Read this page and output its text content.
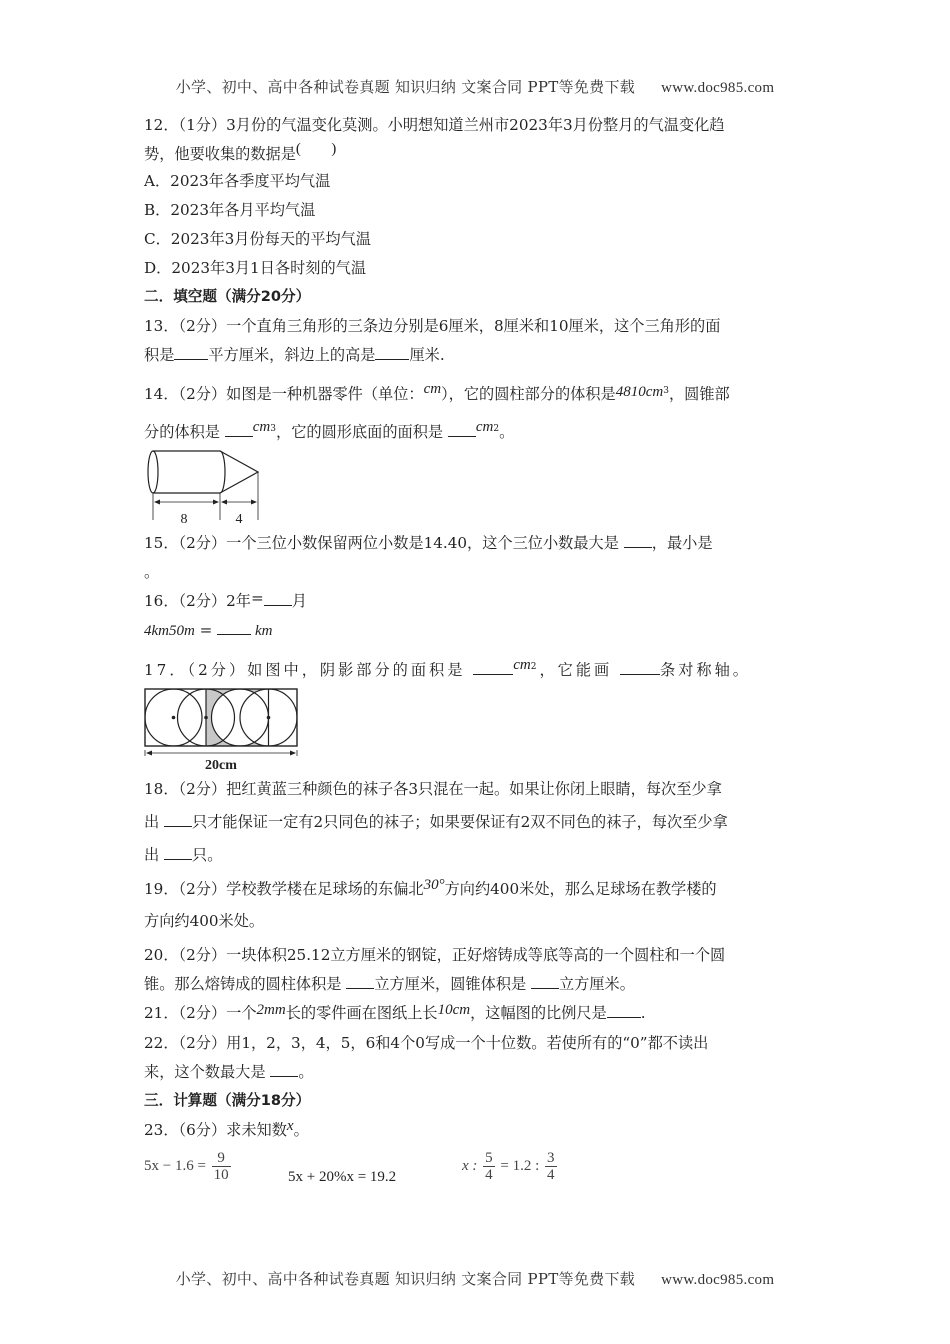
小学、初中、高中各种试卷真题 知识归纳 文案合同 PPT等免费下载 www.doc985.com

12．（1分）3月份的气温变化莫测。小明想知道兰州市2023年3月份整月的气温变化趋

势，他要收集的数据是(        )

A．2023年各季度平均气温

B．2023年各月平均气温

C．2023年3月份每天的平均气温

D．2023年3月1日各时刻的气温

二．填空题（满分20分）

13．（2分）一个直角三角形的三条边分别是6厘米，8厘米和10厘米，这个三角形的面

积是 平方厘米，斜边上的高是 厘米.

14．（2分）如图是一种机器零件（单位：cm），它的圆柱部分的体积是$4810cm^3$，圆锥部

分的体积是 $cm^3$，它的圆形底面的面积是 $cm^2$。

8	4

15．（2分）一个三位小数保留两位小数是14.40，这个三位小数最大是 ，最小是

。

16．（2分）2年= 月

4km50m =  km

17．（2分）如图中，阴影部分的面积是	$cm^2$，它能画	条对称轴。

20cm

18．（2分）把红黄蓝三种颜色的袜子各3只混在一起。如果让你闭上眼睛，每次至少拿

出 只才能保证一定有2只同色的袜子；如果要保证有2双不同色的袜子，每次至少拿

出 只。

19．（2分）学校教学楼在足球场的东偏北30°方向约400米处，那么足球场在教学楼的

方向约400米处。

20．（2分）一块体积25.12立方厘米的钢锭，正好熔铸成等底等高的一个圆柱和一个圆

锥。那么熔铸成的圆柱体积是 立方厘米，圆锥体积是 立方厘米。

21．（2分）一个2mm长的零件画在图纸上长10cm，这幅图的比例尺是 .

22．（2分）用1，2，3，4，5，6和4个0写成一个十位数。若使所有的“0”都不读出

来，这个数最大是 。

三．计算题（满分18分）

23．（6分）求未知数x。

$5x - 1.6 = \frac{9}{10}$	5x + 20%x = 19.2
x : $\frac{5}{4} = 1.2$ : $\frac{3}{4}$
小学、初中、高中各种试卷真题 知识归纳 文案合同 PPT等免费下载 www.doc985.com
